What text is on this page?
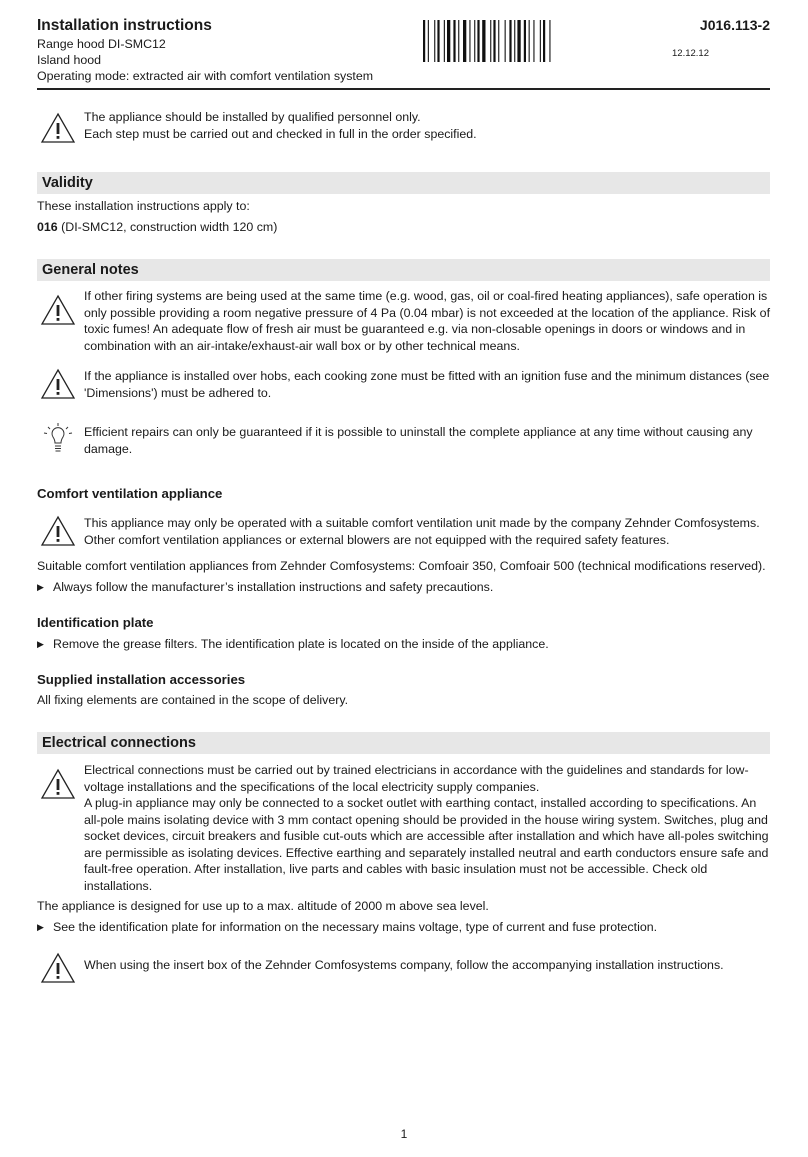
Installation instructions
Range hood DI-SMC12
Island hood
Operating mode: extracted air with comfort ventilation system
J016.113-2
12.12.12

The appliance should be installed by qualified personnel only.

Each step must be carried out and checked in full in the order specified.

Validity
These installation instructions apply to:
016 (DI-SMC12, construction width 120 cm)
General notes

If other firing systems are being used at the same time (e.g. wood, gas, oil or coal-fired heating appliances), safe operation is only possible providing a room negative pressure of 4 Pa (0.04 mbar) is not exceeded at the location of the appliance. Risk of toxic fumes! An adequate flow of fresh air must be guaranteed e.g. via non-closable openings in doors or windows and in combination with an air-intake/exhaust-air wall box or by other technical means.

If the appliance is installed over hobs, each cooking zone must be fitted with an ignition fuse and the minimum distances (see 'Dimensions') must be adhered to.

Efficient repairs can only be guaranteed if it is possible to uninstall the complete appliance at any time without causing any damage.

Comfort ventilation appliance

This appliance may only be operated with a suitable comfort ventilation unit made by the company Zehnder Comfosystems. Other comfort ventilation appliances or external blowers are not equipped with the required safety features.

Suitable comfort ventilation appliances from Zehnder Comfosystems: Comfoair 350, Comfoair 500 (technical modifications reserved).
▶ Always follow the manufacturer’s installation instructions and safety precautions.
Identification plate
▶ Remove the grease filters. The identification plate is located on the inside of the appliance.
Supplied installation accessories
All fixing elements are contained in the scope of delivery.
Electrical connections

Electrical connections must be carried out by trained electricians in accordance with the guidelines and standards for low-voltage installations and the specifications of the local electricity supply companies.

A plug-in appliance may only be connected to a socket outlet with earthing contact, installed according to specifications. An all-pole mains isolating device with 3 mm contact opening should be provided in the house wiring system. Switches, plug and socket devices, circuit breakers and fusible cut-outs which are accessible after installation and which have all-poles switching are permissible as isolating devices. Effective earthing and separately installed neutral and earth conductors ensure safe and fault-free operation. After installation, live parts and cables with basic insulation must not be accessible. Check old installations.

The appliance is designed for use up to a max. altitude of 2000 m above sea level.
▶ See the identification plate for information on the necessary mains voltage, type of current and fuse protection.

When using the insert box of the Zehnder Comfosystems company, follow the accompanying installation instructions.

1
